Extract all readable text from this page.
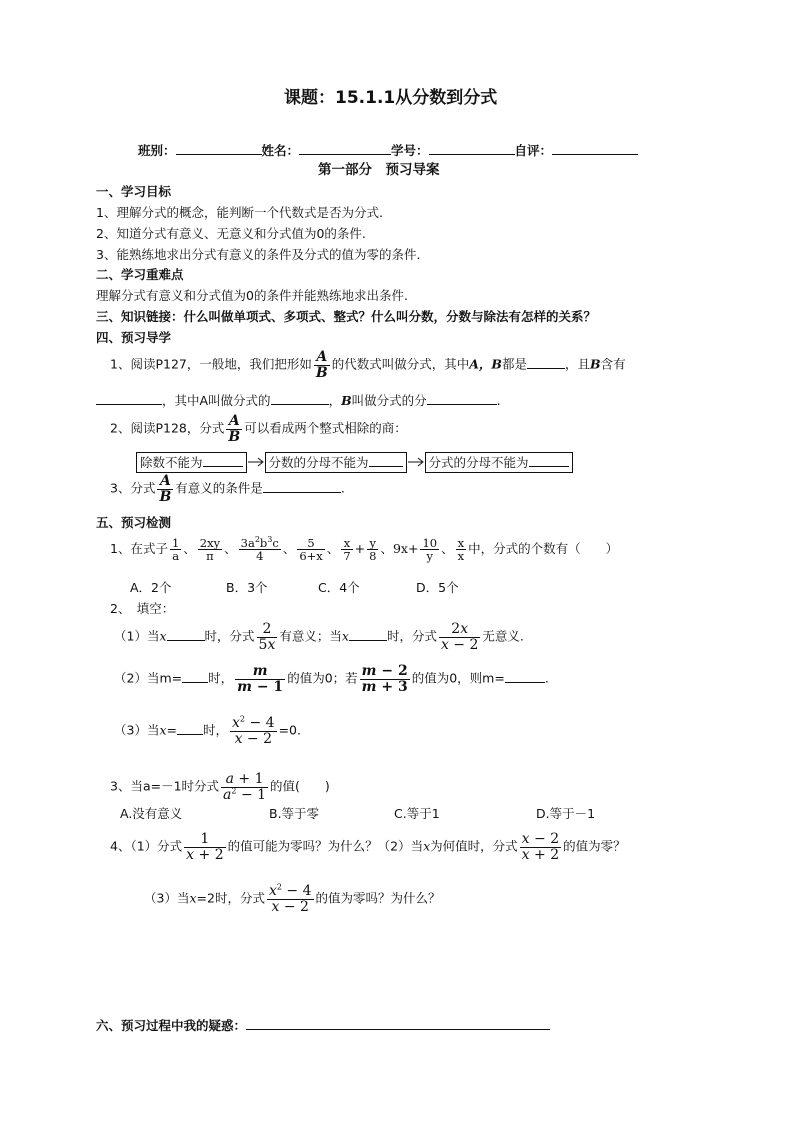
课题：15.1.1从分数到分式
班别：	姓名：	学号：	自评：
第一部分　预习导案
一、学习目标
1、理解分式的概念，能判断一个代数式是否为分式.
2、知道分式有意义、无意义和分式值为0的条件.
3、能熟练地求出分式有意义的条件及分式的值为零的条件.
二、学习重难点
理解分式有意义和分式值为0的条件并能熟练地求出条件.
三、知识链接：什么叫做单项式、多项式、整式？什么叫分数，分数与除法有怎样的关系？
四、预习导学
1、阅读P127，一般地，我们把形如 $\frac{A}{B}$ 的代数式叫做分式，其中A，B都是	，且B含有
，其中A叫做分式的	，B叫做分式的分	.
2、阅读P128，分式 $\frac{A}{B}$ 可以看成两个整式相除的商：
除数不能为	分数的分母不能为	分式的分母不能为
3、分式 $\frac{A}{B}$ 有意义的条件是	.
五、预习检测
1、在式子 $\frac{1}{a}$ 、 $\frac{2xy}{\pi}$ 、 $\frac{3a^2b^3c}{4}$ 、 $\frac{5}{6+x}$ 、 $\frac{x}{7} + \frac{y}{8}$ 、$9x+ \frac{10}{y}$ 、 $\frac{x}{x}$ 中，分式的个数有（　　）
A．2个	B．3个	C．4个	D．5个
2、　填空：
（1）当x	时，分式 $\frac{2}{5x}$ 有意义；当x	时，分式 $\frac{2x}{x - 2}$ 无意义.
（2）当m= 时， $\frac{m}{m - 1}$ 的值为0；若 $\frac{m - 2}{m + 3}$ 的值为0，则m=	.
（3）当x= 时， $\frac{x^2 - 4}{x - 2} =0$.
3、当a=－1时分式 $\frac{a + 1}{a^2 - 1}$ 的值(　　)
A.没有意义	B.等于零	C.等于1	D.等于－1
4、（1）分式 $\frac{1}{x + 2}$ 的值可能为零吗？为什么？（2）当x为何值时，分式 $\frac{x - 2}{x + 2}$ 的值为零？
（3）当x=2时，分式 $\frac{x^2 - 4}{x - 2}$ 的值为零吗？为什么？
六、预习过程中我的疑惑：
